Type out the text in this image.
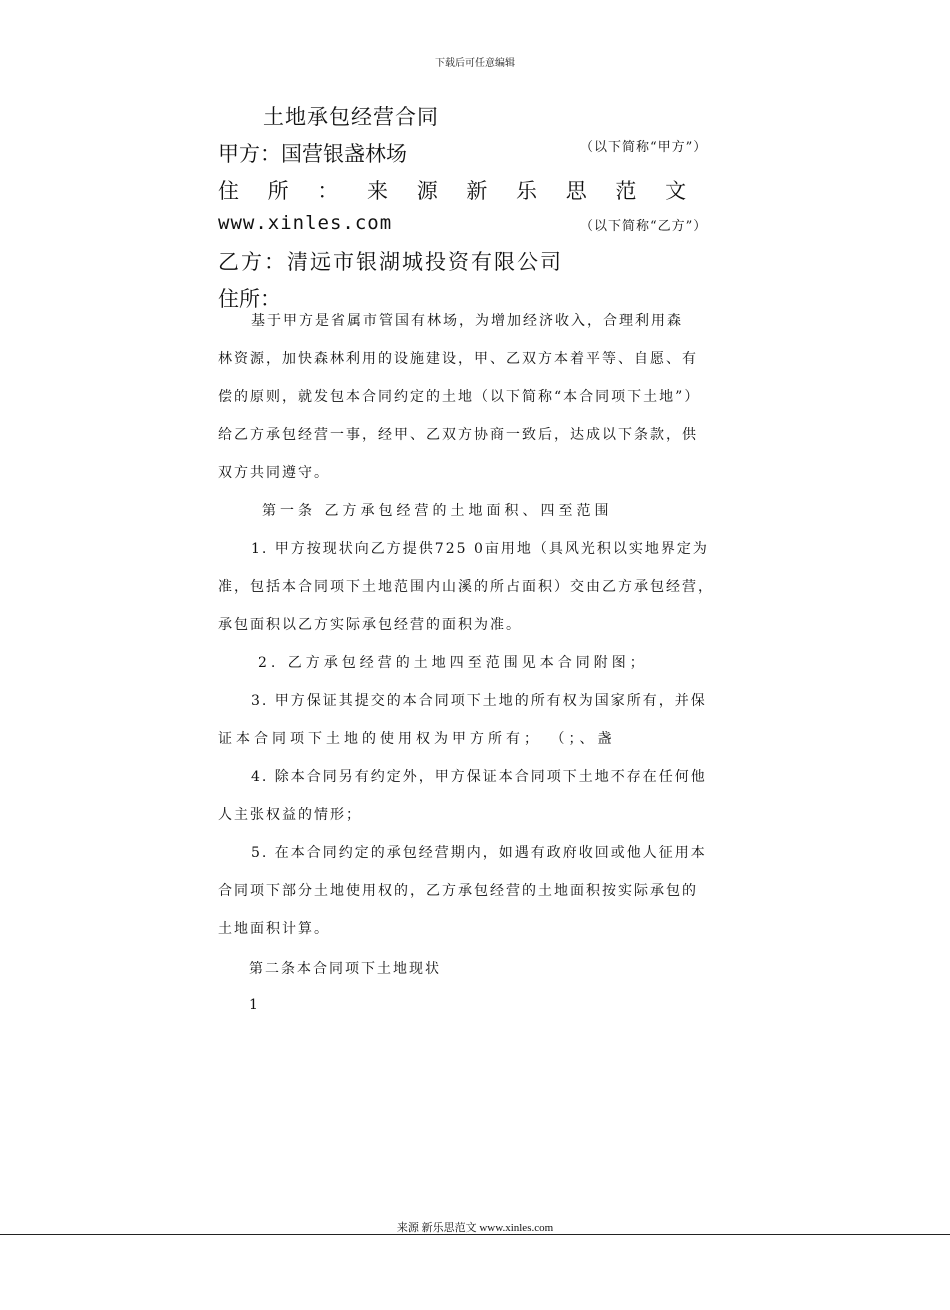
下载后可任意编辑
土地承包经营合同
甲方：国营银盏林场	（以下简称“甲方”）
住 所 ： 来 源 新 乐 思 范 文
www.xinles.com	（以下简称“乙方”）
乙方：清远市银湖城投资有限公司
住所：
基于甲方是省属市管国有林场，为增加经济收入，合理利用森
林资源，加快森林利用的设施建设，甲、乙双方本着平等、自愿、有
偿的原则，就发包本合同约定的土地（以下简称“本合同项下土地”）
给乙方承包经营一事，经甲、乙双方协商一致后，达成以下条款，供
双方共同遵守。
第一条 乙方承包经营的土地面积、四至范围
1. 甲方按现状向乙方提供725 0亩用地（具风光积以实地界定为
准，包括本合同项下土地范围内山溪的所占面积）交由乙方承包经营，
承包面积以乙方实际承包经营的面积为准。
2. 乙方承包经营的土地四至范围见本合同附图；
3. 甲方保证其提交的本合同项下土地的所有权为国家所有，并保
证本合同项下土地的使用权为甲方所有； （；、盏
4. 除本合同另有约定外，甲方保证本合同项下土地不存在任何他
人主张权益的情形；
5. 在本合同约定的承包经营期内，如遇有政府收回或他人征用本
合同项下部分土地使用权的，乙方承包经营的土地面积按实际承包的
土地面积计算。
第二条本合同项下土地现状
1
来源 新乐思范文 www.xinles.com
